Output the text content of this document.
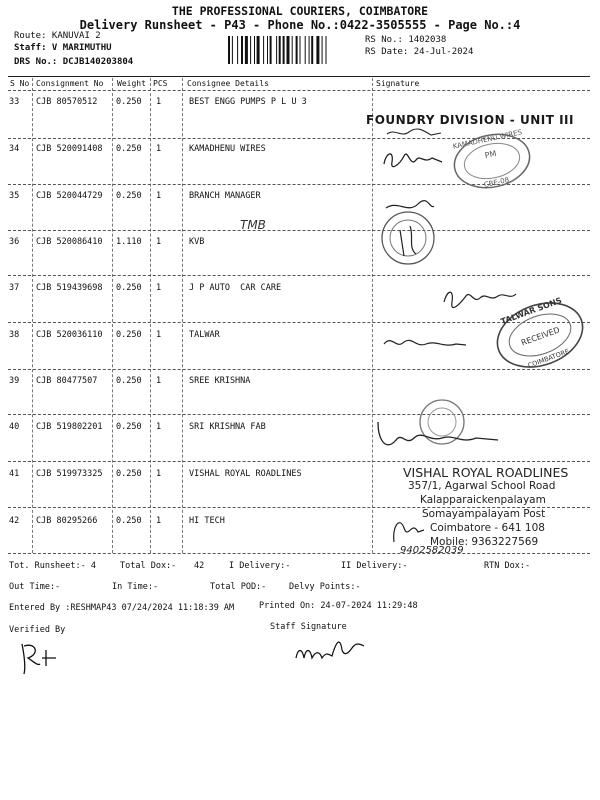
THE PROFESSIONAL COURIERS, COIMBATORE
Delivery Runsheet - P43 - Phone No.:0422-3505555 - Page No.:4
Route: KANUVAI 2
Staff: V MARIMUTHU
DRS No.: DCJB140203804
RS No.: 1402038
RS Date: 24-Jul-2024
S No Consignment No Weight PCS Consignee Details	Signature
33 CJB 80570512 0.250 1	BEST ENGG PUMPS P L U 3
34 CJB 520091408 0.250 1	KAMADHENU WIRES
35 CJB 520044729 0.250 1	BRANCH MANAGER
36 CJB 520086410 1.110 1	KVB
37 CJB 519439698 0.250 1	J P AUTO  CAR CARE
38 CJB 520036110 0.250 1	TALWAR
39 CJB 80477507 0.250 1	SREE KRISHNA
40 CJB 519802201 0.250 1	SRI KRISHNA FAB
41 CJB 519973325 0.250 1	VISHAL ROYAL ROADLINES
42 CJB 80295266 0.250 1	HI TECH
FOUNDRY DIVISION - UNIT III
KAMADHENU WIRES
PM
CBE-08
TMB
TALWAR SONS
RECEIVED
COIMBATORE
VISHAL ROYAL ROADLINES
357/1, Agarwal School Road
Kalapparaickenpalayam
Somayampalayam Post
Coimbatore - 641 108
Mobile: 9363227569
9402582039
Tot. Runsheet:- 4	Total Dox:- 42	I Delivery:-	II Delivery:-	RTN Dox:-
Out Time:-	In Time:-	Total POD:-	Delvy Points:-
Entered By :RESHMAP43 07/24/2024 11:18:39 AM	Printed On: 24-07-2024 11:29:48
Verified By	Staff Signature
